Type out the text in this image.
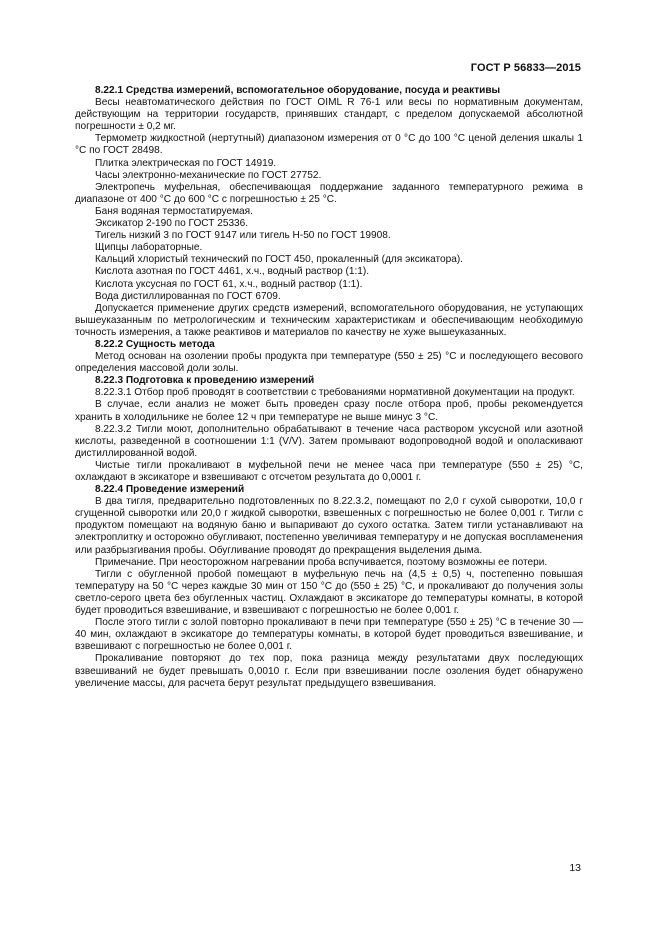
ГОСТ Р 56833—2015

8.22.1 Средства измерений, вспомогательное оборудование, посуда и реактивы

Весы неавтоматического действия по ГОСТ OIML R 76-1 или весы по нормативным документам, действующим на территории государств, принявших стандарт, с пределом допускаемой абсолютной погрешности ± 0,2 мг.

Термометр жидкостной (нертутный) диапазоном измерения от 0 °С до 100 °С ценой деления шкалы 1 °С по ГОСТ 28498.

Плитка электрическая по ГОСТ 14919.

Часы электронно-механические по ГОСТ 27752.

Электропечь муфельная, обеспечивающая поддержание заданного температурного режима в диапазоне от 400 °С до 600 °С с погрешностью ± 25 °С.

Баня водяная термостатируемая.

Эксикатор 2-190 по ГОСТ 25336.

Тигель низкий 3 по ГОСТ 9147 или тигель Н-50 по ГОСТ 19908.

Щипцы лабораторные.

Кальций хлористый технический по ГОСТ 450, прокаленный (для эксикатора).

Кислота азотная по ГОСТ 4461, х.ч., водный раствор (1:1).

Кислота уксусная по ГОСТ 61, х.ч., водный раствор (1:1).

Вода дистиллированная по ГОСТ 6709.

Допускается применение других средств измерений, вспомогательного оборудования, не уступающих вышеуказанным по метрологическим и техническим характеристикам и обеспечивающим необходимую точность измерения, а также реактивов и материалов по качеству не хуже вышеуказанных.

8.22.2 Сущность метода

Метод основан на озолении пробы продукта при температуре (550 ± 25) °С и последующего весового определения массовой доли золы.

8.22.3 Подготовка к проведению измерений

8.22.3.1 Отбор проб проводят в соответствии с требованиями нормативной документации на продукт.

В случае, если анализ не может быть проведен сразу после отбора проб, пробы рекомендуется хранить в холодильнике не более 12 ч при температуре не выше минус 3 °С.

8.22.3.2 Тигли моют, дополнительно обрабатывают в течение часа раствором уксусной или азотной кислоты, разведенной в соотношении 1:1 (V/V). Затем промывают водопроводной водой и ополаскивают дистиллированной водой.

Чистые тигли прокаливают в муфельной печи не менее часа при температуре (550 ± 25) °С, охлаждают в эксикаторе и взвешивают с отсчетом результата до 0,0001 г.

8.22.4 Проведение измерений

В два тигля, предварительно подготовленных по 8.22.3.2, помещают по 2,0 г сухой сыворотки, 10,0 г сгущенной сыворотки или 20,0 г жидкой сыворотки, взвешенных с погрешностью не более 0,001 г. Тигли с продуктом помещают на водяную баню и выпаривают до сухого остатка. Затем тигли устанавливают на электроплитку и осторожно обугливают, постепенно увеличивая температуру и не допуская воспламенения или разбрызгивания пробы. Обугливание проводят до прекращения выделения дыма.

Примечание. При неосторожном нагревании проба вспучивается, поэтому возможны ее потери.

Тигли с обугленной пробой помещают в муфельную печь на (4,5 ± 0,5) ч, постепенно повышая температуру на 50 °С через каждые 30 мин от 150 °С до (550 ± 25) °С, и прокаливают до получения золы светло-серого цвета без обугленных частиц. Охлаждают в эксикаторе до температуры комнаты, в которой будет проводиться взвешивание, и взвешивают с погрешностью не более 0,001 г.

После этого тигли с золой повторно прокаливают в печи при температуре (550 ± 25) °С в течение 30 — 40 мин, охлаждают в эксикаторе до температуры комнаты, в которой будет проводиться взвешивание, и взвешивают с погрешностью не более 0,001 г.

Прокаливание повторяют до тех пор, пока разница между результатами двух последующих взвешиваний не будет превышать 0,0010 г. Если при взвешивании после озоления будет обнаружено увеличение массы, для расчета берут результат предыдущего взвешивания.

13
